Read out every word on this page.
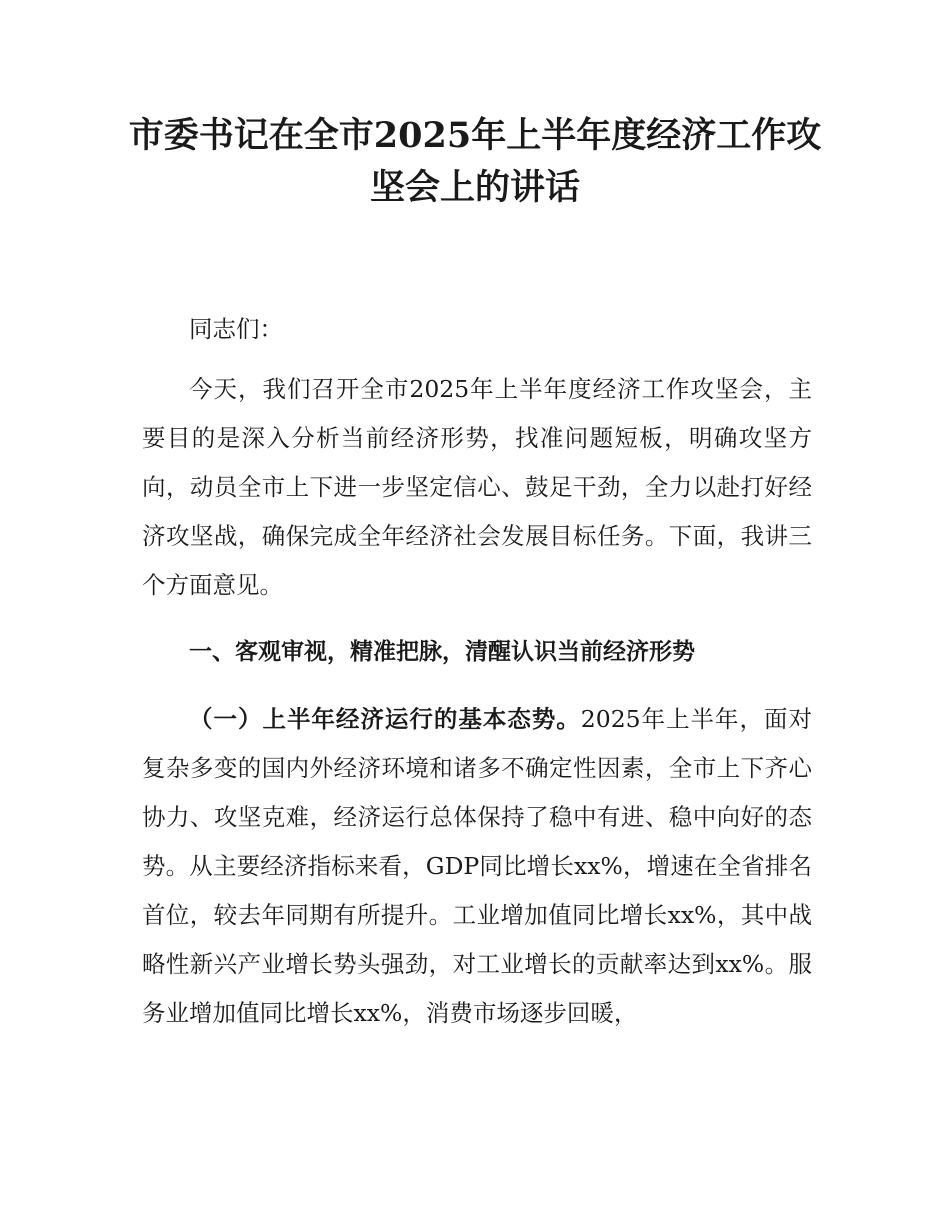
市委书记在全市2025年上半年度经济工作攻
坚会上的讲话

同志们：

今天，我们召开全市2025年上半年度经济工作攻坚会，主要目的是深入分析当前经济形势，找准问题短板，明确攻坚方向，动员全市上下进一步坚定信心、鼓足干劲，全力以赴打好经济攻坚战，确保完成全年经济社会发展目标任务。下面，我讲三个方面意见。

一、客观审视，精准把脉，清醒认识当前经济形势

（一）上半年经济运行的基本态势。2025年上半年，面对复杂多变的国内外经济环境和诸多不确定性因素，全市上下齐心协力、攻坚克难，经济运行总体保持了稳中有进、稳中向好的态势。从主要经济指标来看，GDP同比增长xx%，增速在全省排名首位，较去年同期有所提升。工业增加值同比增长xx%，其中战略性新兴产业增长势头强劲，对工业增长的贡献率达到xx%。服务业增加值同比增长xx%，消费市场逐步回暖，
